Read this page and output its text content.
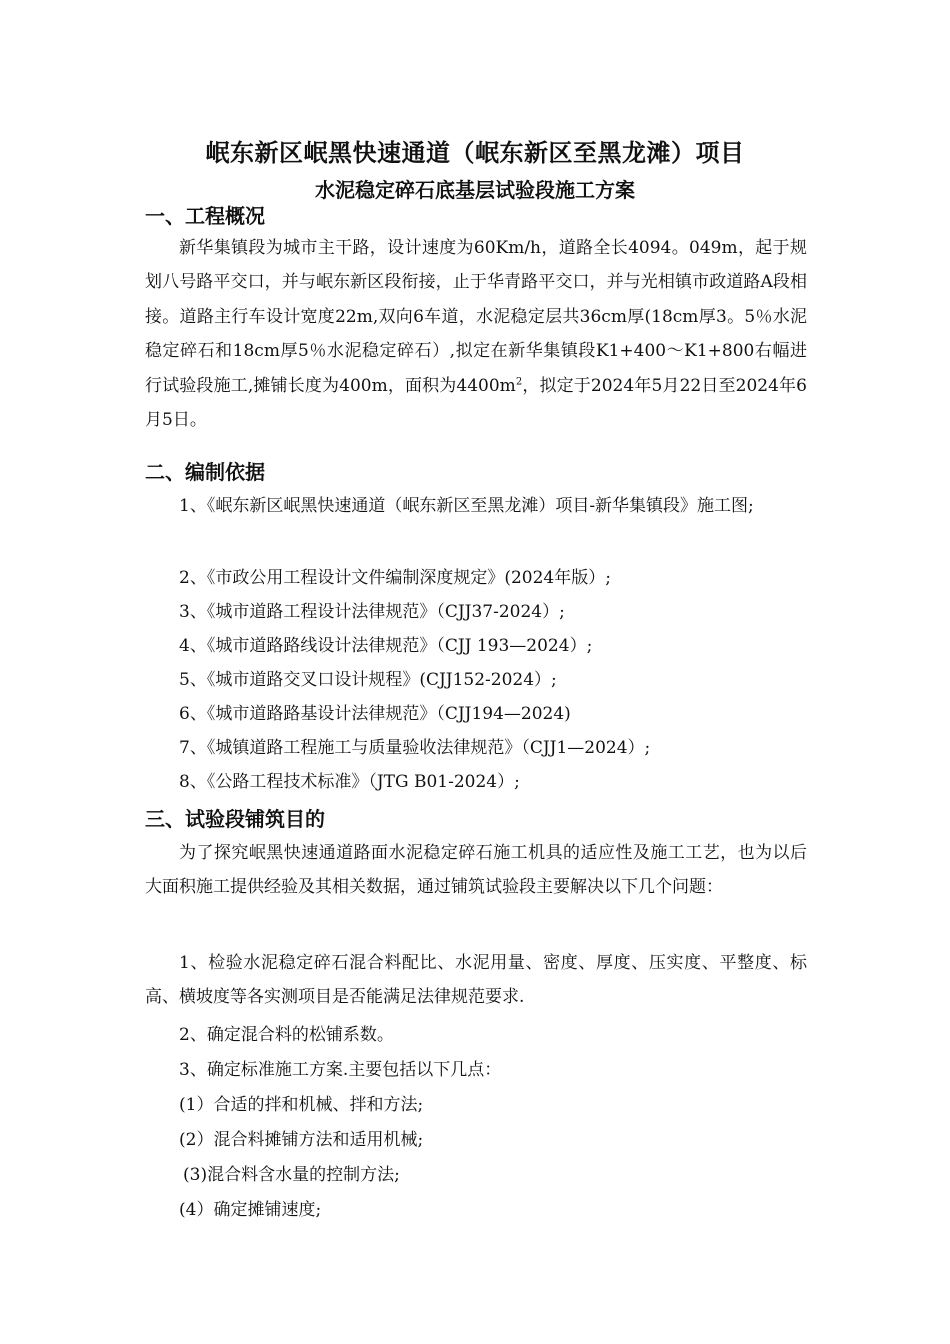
岷东新区岷黑快速通道（岷东新区至黑龙滩）项目
水泥稳定碎石底基层试验段施工方案
一、工程概况
新华集镇段为城市主干路，设计速度为60Km/h，道路全长4094。049m，起于规划八号路平交口，并与岷东新区段衔接，止于华青路平交口，并与光相镇市政道路A段相接。道路主行车设计宽度22m,双向6车道，水泥稳定层共36cm厚(18cm厚3。5％水泥稳定碎石和18cm厚5％水泥稳定碎石）,拟定在新华集镇段K1+400～K1+800右幅进行试验段施工,摊铺长度为400m，面积为$4400m^2$，拟定于2024年5月22日至2024年6月5日。
二、编制依据
1、《岷东新区岷黑快速通道（岷东新区至黑龙滩）项目-新华集镇段》施工图;
2、《市政公用工程设计文件编制深度规定》(2024年版）;
3、《城市道路工程设计法律规范》（CJJ37-2024）;
4、《城市道路路线设计法律规范》（CJJ 193—2024）;
5、《城市道路交叉口设计规程》(CJJ152-2024）;
6、《城市道路路基设计法律规范》（CJJ194—2024)
7、《城镇道路工程施工与质量验收法律规范》（CJJ1—2024）;
8、《公路工程技术标准》（JTG B01-2024）;
三、试验段铺筑目的
为了探究岷黑快速通道路面水泥稳定碎石施工机具的适应性及施工工艺，也为以后大面积施工提供经验及其相关数据，通过铺筑试验段主要解决以下几个问题：
1、检验水泥稳定碎石混合料配比、水泥用量、密度、厚度、压实度、平整度、标高、横坡度等各实测项目是否能满足法律规范要求.
2、确定混合料的松铺系数。
3、确定标准施工方案.主要包括以下几点：
(1）合适的拌和机械、拌和方法;
(2）混合料摊铺方法和适用机械;
(3)混合料含水量的控制方法;
(4）确定摊铺速度;
